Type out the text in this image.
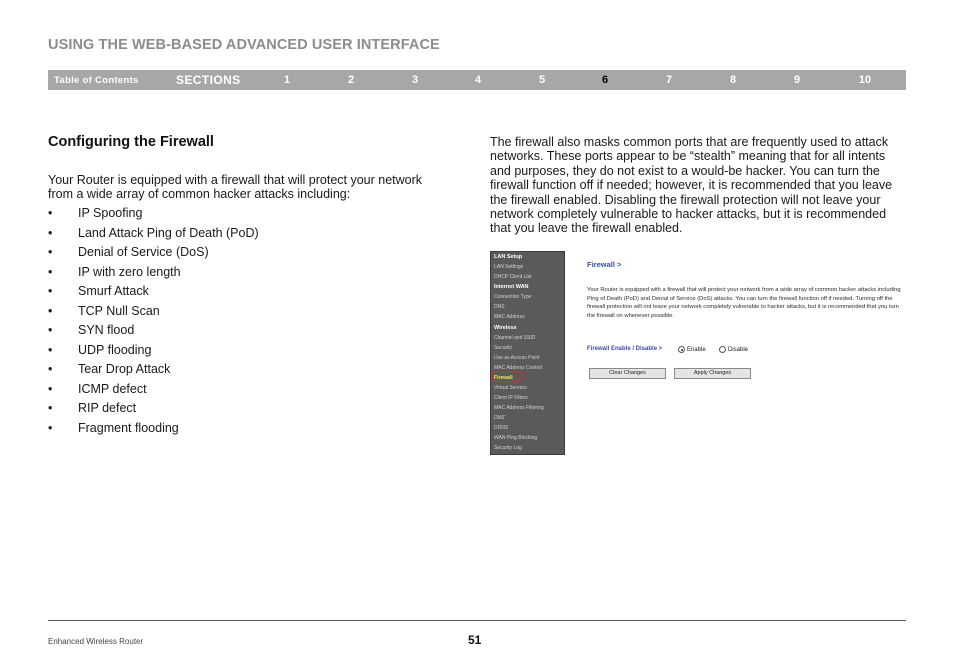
USING THE WEB-BASED ADVANCED USER INTERFACE
Table of Contents	SECTIONS	1	2	3	4	5	6	7	8	9	10
Configuring the Firewall

Your Router is equipped with a firewall that will protect your network from a wide array of common hacker attacks including:

• IP Spoofing
• Land Attack Ping of Death (PoD)
• Denial of Service (DoS)
• IP with zero length
• Smurf Attack
• TCP Null Scan
• SYN flood
• UDP flooding
• Tear Drop Attack
• ICMP defect
• RIP defect
• Fragment flooding

The firewall also masks common ports that are frequently used to attack networks. These ports appear to be “stealth” meaning that for all intents and purposes, they do not exist to a would-be hacker. You can turn the firewall function off if needed; however, it is recommended that you leave the firewall enabled. Disabling the firewall protection will not leave your network completely vulnerable to hacker attacks, but it is recommended that you leave the firewall enabled.

LAN Setup
LAN Settings
DHCP Client List
Internet WAN
Connection Type
DNS
MAC Address
Wireless
Channel and SSID
Security
Use as Access Point
MAC Address Control
Firewall
Virtual Servers
Client IP Filters
MAC Address Filtering
DMZ
DDNS
WAN Ping Blocking
Security Log
Firewall >
Your Router is equipped with a firewall that will protect your network from a wide array of common hacker attacks including Ping of Death (PoD) and Denial of Service (DoS) attacks. You can turn the firewall function off if needed. Turning off the firewall protection will not leave your network completely vulnerable to hacker attacks, but it is recommended that you turn the firewall on whenever possible.
Firewall Enable / Disable >	Enable	Disable
Clear Changes	Apply Changes
Enhanced Wireless Router	51
